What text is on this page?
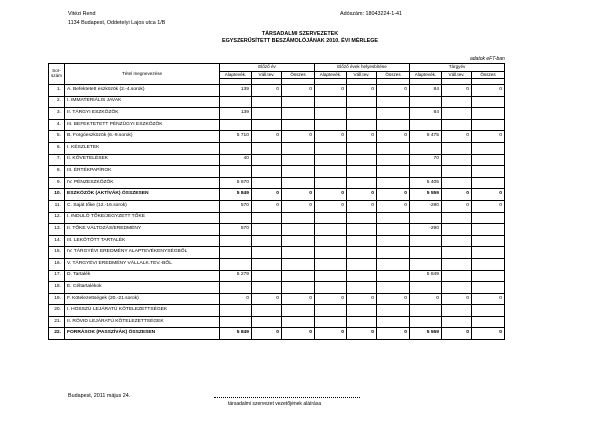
Vitézi Rend
1134 Budapest, Oddetelyi Lajos utca 1/B
Adószám: 18043224-1-41
TÁRSADALMI SZERVEZETEK
EGYSZERŰSÍTETT BESZÁMOLÓJÁNAK 2010. ÉVI MÉRLEGE
adatok eFT-ban
Sor-
szám	Tétel megnevezése	Előző év			Előző évek helyesbítése			Tárgyév		
		Alaptevék.	Váll.tev.	Összes	Alaptevék.	Váll.tev.	Összes	Alaptevék.	Váll.tev.	Összes

1.	A. Befektetett eszközök (2.-4.sorok)	139	0	0	0	0	0	84	0	0
2.	I. IMMATERIÁLIS JAVAK									
3.	II. TÁRGYI ESZKÖZÖK	139						84		
4.	III. BEFEKTETETT PÉNZÜGYI ESZKÖZÖK									
5.	B. Forgóeszközök (6.-9.sorok)	5 710	0	0	0	0	0	5 475	0	0
6.	I. KÉSZLETEK									
7.	II. KÖVETELÉSEK	40						70		
8.	III. ÉRTÉKPAPÍROK									
9.	IV. PÉNZESZKÖZÖK	5 670						5 405		
10.	ESZKÖZÖK (AKTÍVÁK) ÖSSZESEN	5 849	0	0	0	0	0	5 559	0	0
11.	C. Saját tőke (12.-16.sorok)	570	0	0	0	0	0	-290	0	0
12.	I. INDULÓ TŐKE/JEGYZETT TŐKE									
13.	II. TŐKE VÁLTOZÁS/EREDMÉNY	570						-290		
14.	III. LEKÖTÖTT TARTALÉK									
15.	IV. TÁRGYÉVI EREDMÉNY ALAPTEVÉKENYSÉGBŐL									
16.	V. TÁRGYÉVI EREDMÉNY VÁLLALK.TEV.-BŐL									
17.	D. Tartalék	5 279						5 849		
18.	E. Céltartalékok									
19.	F. Kötelezettségek (20.-21.sorok)	0	0	0	0	0	0	0	0	0
20.	I. HOSSZÚ LEJÁRATÚ KÖTELEZETTSÉGEK									
21.	II. RÖVID LEJÁRATÚ KÖTELEZETTSÉGEK									
22.	FORRÁSOK (PASSZÍVÁK) ÖSSZESEN	5 849	0	0	0	0	0	5 559	0	0
Budapest, 2011 május 24.
társadalmi szervezet vezetőjének aláírása
